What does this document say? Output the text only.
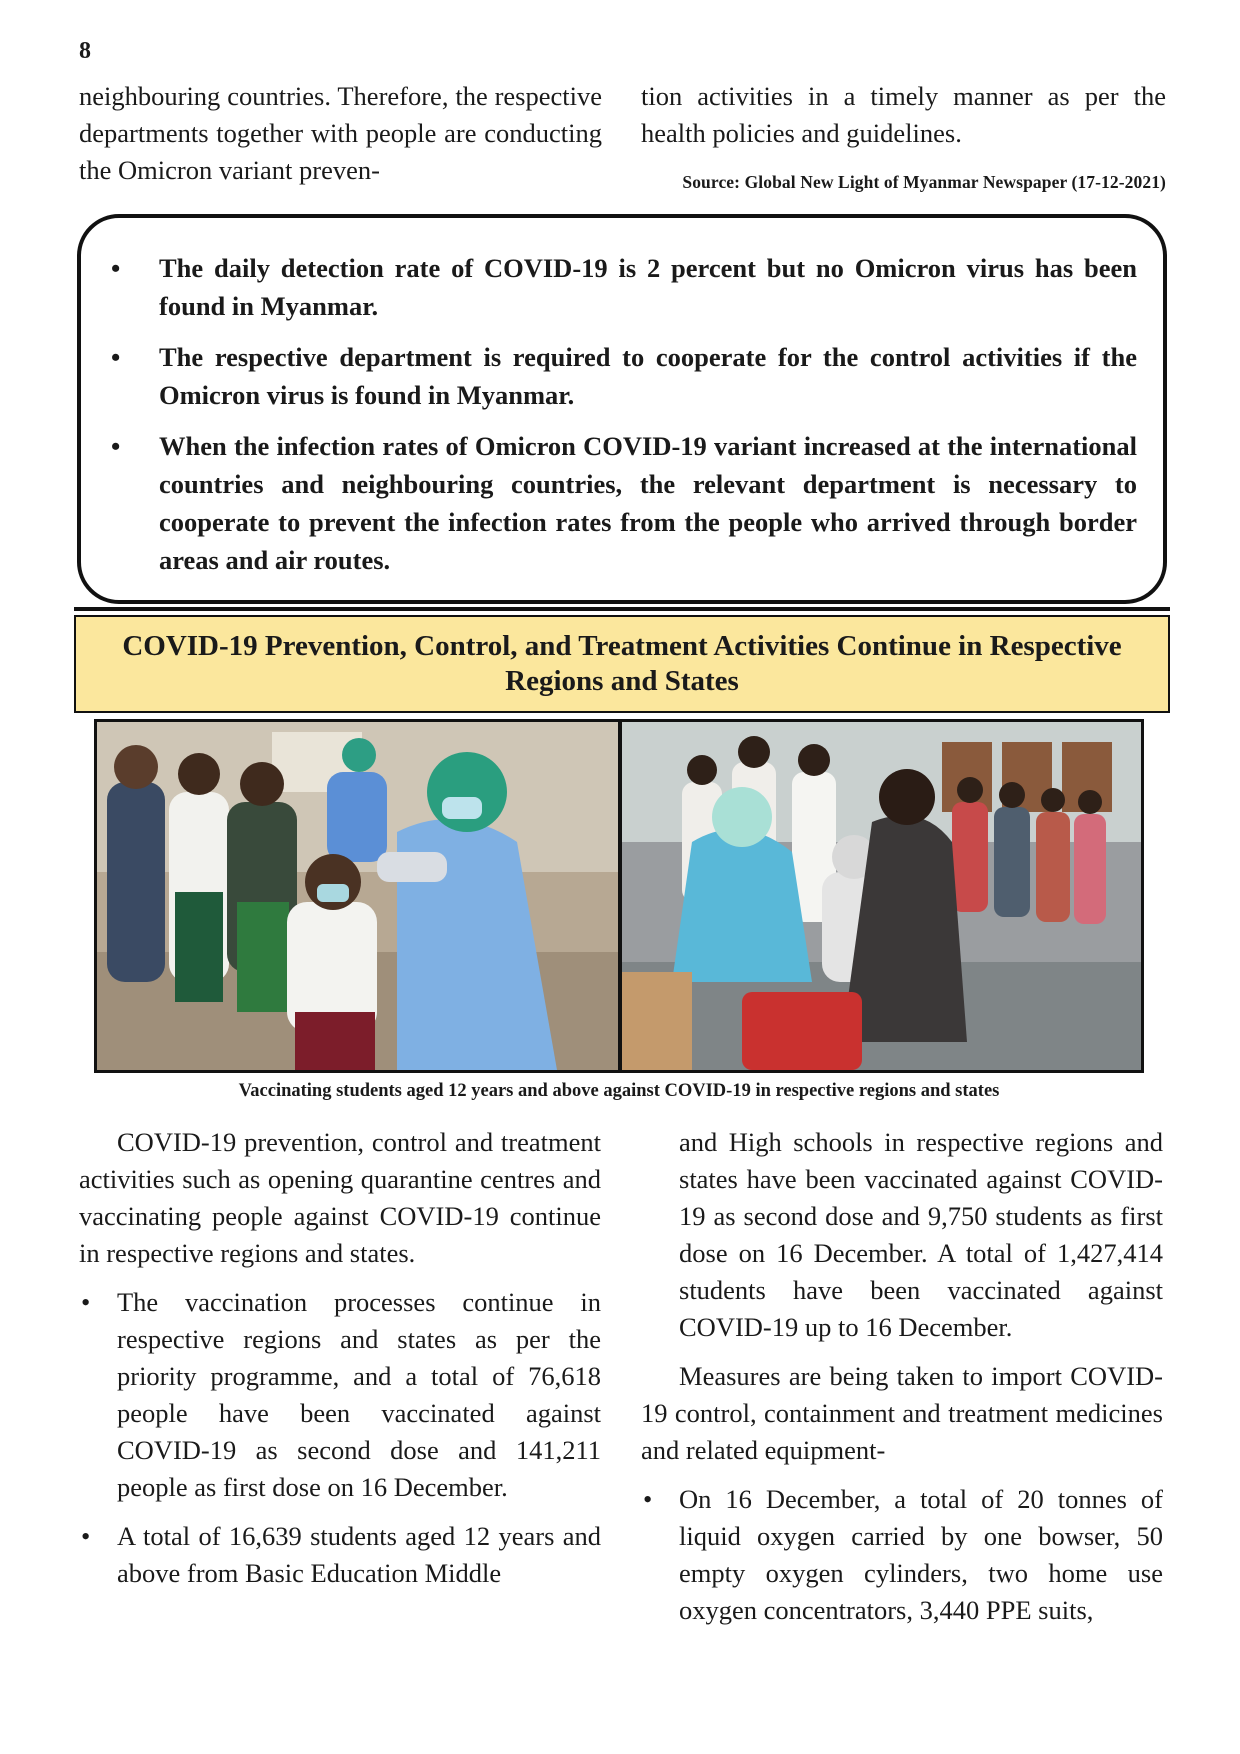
8

neighbouring countries. Therefore, the respective departments together with people are conducting the Omicron variant preven-

tion activities in a timely manner as per the health policies and guidelines.

Source: Global New Light of Myanmar Newspaper (17-12-2021)
• The daily detection rate of COVID-19 is 2 percent but no Omicron virus has been found in Myanmar.
• The respective department is required to cooperate for the control activities if the Omicron virus is found in Myanmar.
• When the infection rates of Omicron COVID-19 variant increased at the international countries and neighbouring countries, the relevant department is necessary to cooperate to prevent the infection rates from the people who arrived through border areas and air routes.
COVID-19 Prevention, Control, and Treatment Activities Continue in Respective Regions and States
Vaccinating students aged 12 years and above against COVID-19 in respective regions and states

COVID-19 prevention, control and treatment activities such as opening quarantine centres and vaccinating people against COVID-19 continue in respective regions and states.

• The vaccination processes continue in respective regions and states as per the priority programme, and a total of 76,618 people have been vaccinated against COVID-19 as second dose and 141,211 people as first dose on 16 December.

• A total of 16,639 students aged 12 years and above from Basic Education Middle

and High schools in respective regions and states have been vaccinated against COVID-19 as second dose and 9,750 students as first dose on 16 December. A total of 1,427,414 students have been vaccinated against COVID-19 up to 16 December.

Measures are being taken to import COVID-19 control, containment and treatment medicines and related equipment-

• On 16 December, a total of 20 tonnes of liquid oxygen carried by one bowser, 50 empty oxygen cylinders, two home use oxygen concentrators, 3,440 PPE suits,
